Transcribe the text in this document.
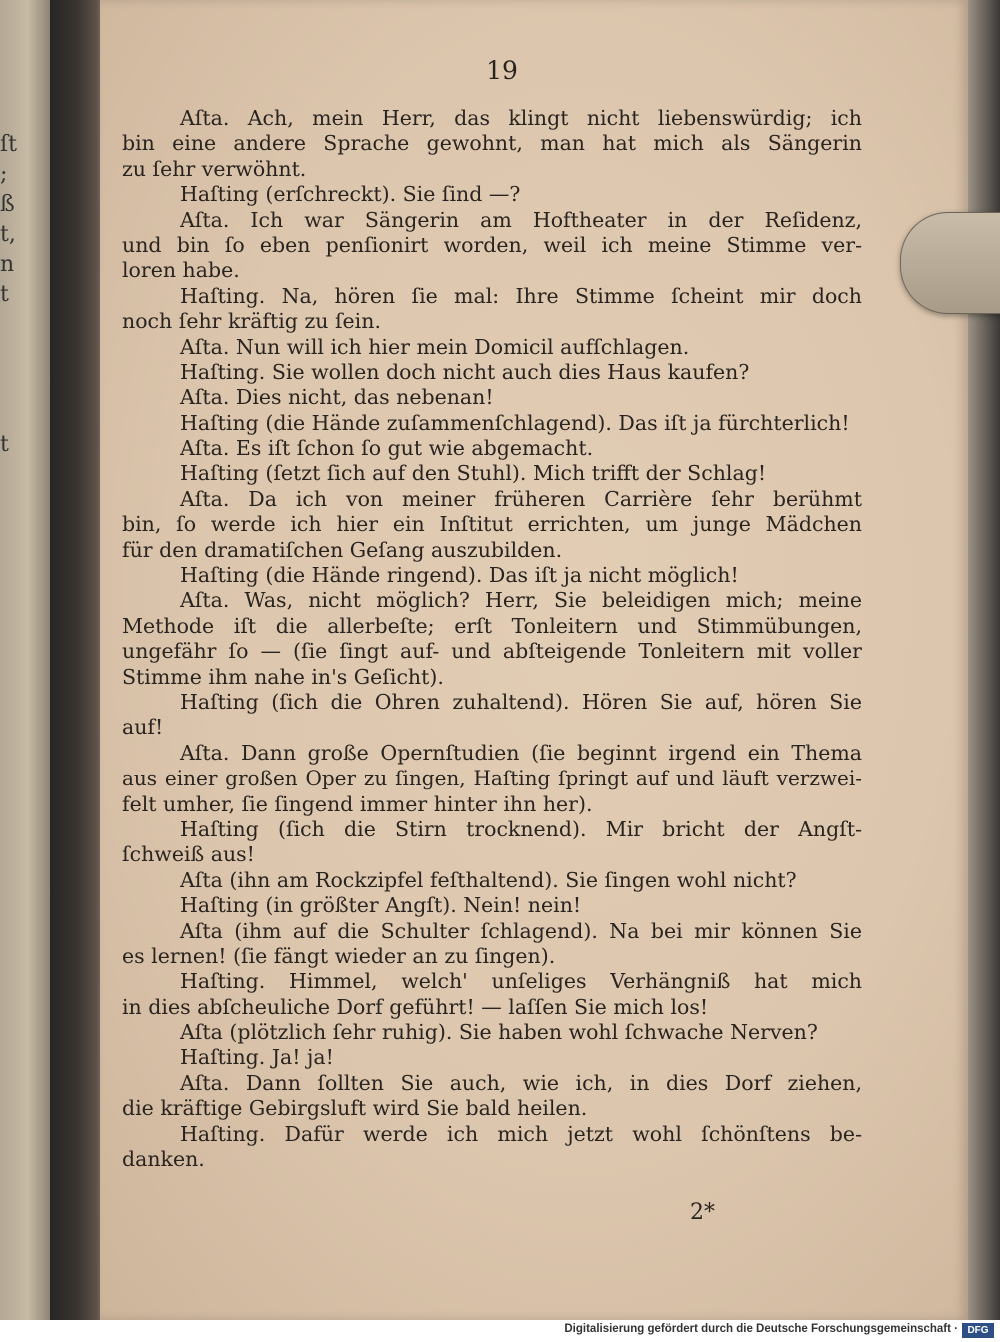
ſt
;
ß
t,
n
t

t
19
Aſta. Ach, mein Herr, das klingt nicht liebenswürdig; ich
bin eine andere Sprache gewohnt, man hat mich als Sängerin
zu ſehr verwöhnt.
Haſting (erſchreckt). Sie ſind —?
Aſta. Ich war Sängerin am Hoftheater in der Reſidenz,
und bin ſo eben penſionirt worden, weil ich meine Stimme ver-
loren habe.
Haſting. Na, hören ſie mal: Ihre Stimme ſcheint mir doch
noch ſehr kräftig zu ſein.
Aſta. Nun will ich hier mein Domicil aufſchlagen.
Haſting. Sie wollen doch nicht auch dies Haus kaufen?
Aſta. Dies nicht, das nebenan!
Haſting (die Hände zuſammenſchlagend). Das iſt ja fürchterlich!
Aſta. Es iſt ſchon ſo gut wie abgemacht.
Haſting (ſetzt ſich auf den Stuhl). Mich trifft der Schlag!
Aſta. Da ich von meiner früheren Carrière ſehr berühmt
bin, ſo werde ich hier ein Inſtitut errichten, um junge Mädchen
für den dramatiſchen Geſang auszubilden.
Haſting (die Hände ringend). Das iſt ja nicht möglich!
Aſta. Was, nicht möglich? Herr, Sie beleidigen mich; meine
Methode iſt die allerbeſte; erſt Tonleitern und Stimmübungen,
ungefähr ſo — (ſie ſingt auf- und abſteigende Tonleitern mit voller
Stimme ihm nahe in's Geſicht).
Haſting (ſich die Ohren zuhaltend). Hören Sie auf, hören Sie
auf!
Aſta. Dann große Opernſtudien (ſie beginnt irgend ein Thema
aus einer großen Oper zu ſingen, Haſting ſpringt auf und läuft verzwei-
felt umher, ſie ſingend immer hinter ihn her).
Haſting (ſich die Stirn trocknend). Mir bricht der Angſt-
ſchweiß aus!
Aſta (ihn am Rockzipfel feſthaltend). Sie ſingen wohl nicht?
Haſting (in größter Angſt). Nein! nein!
Aſta (ihm auf die Schulter ſchlagend). Na bei mir können Sie
es lernen! (ſie fängt wieder an zu ſingen).
Haſting. Himmel, welch' unſeliges Verhängniß hat mich
in dies abſcheuliche Dorf geführt! — laſſen Sie mich los!
Aſta (plötzlich ſehr ruhig). Sie haben wohl ſchwache Nerven?
Haſting. Ja! ja!
Aſta. Dann ſollten Sie auch, wie ich, in dies Dorf ziehen,
die kräftige Gebirgsluft wird Sie bald heilen.
Haſting. Dafür werde ich mich jetzt wohl ſchönſtens be-
danken.
2*
Digitalisierung gefördert durch die Deutsche Forschungsgemeinschaft · DFG
